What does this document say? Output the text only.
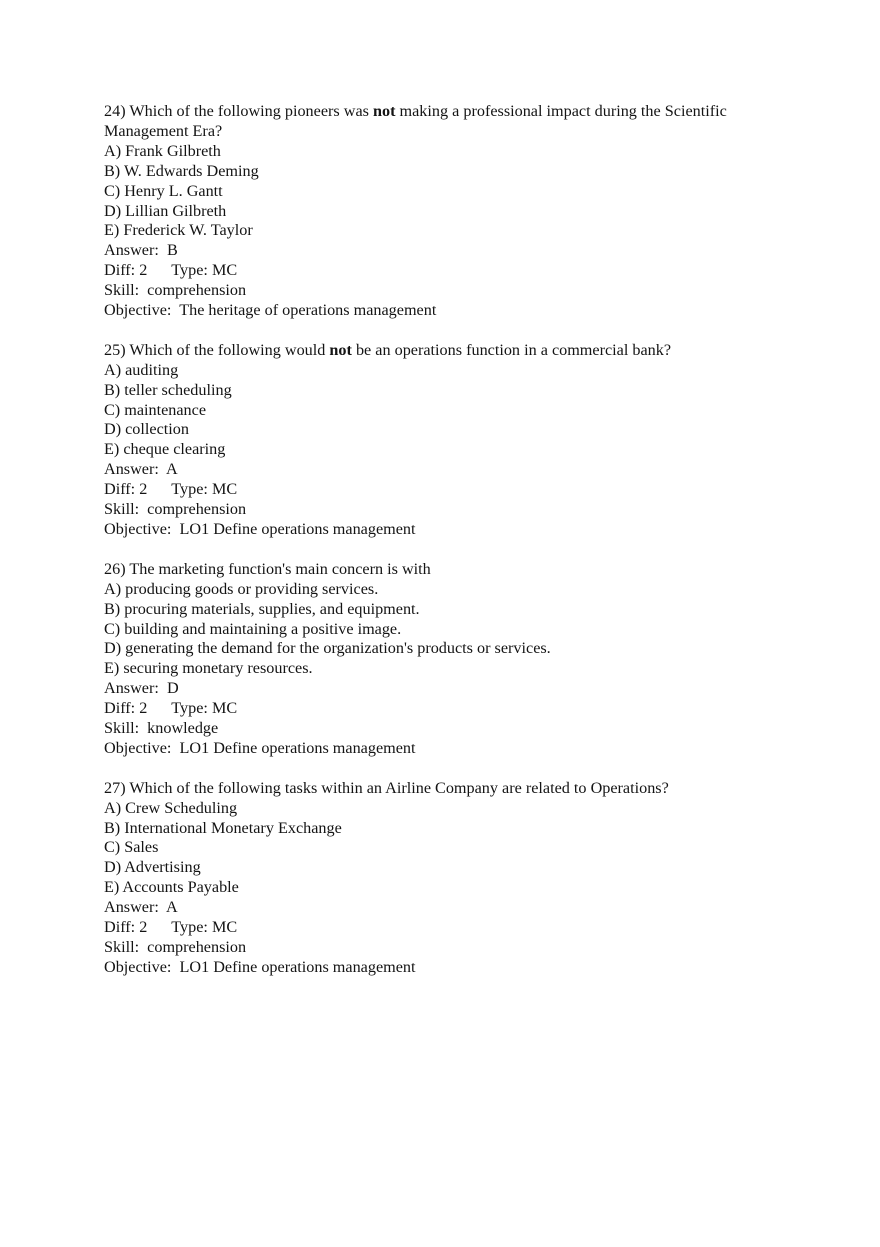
24) Which of the following pioneers was not making a professional impact during the Scientific Management Era?
A) Frank Gilbreth
B) W. Edwards Deming
C) Henry L. Gantt
D) Lillian Gilbreth
E) Frederick W. Taylor
Answer:  B
Diff: 2      Type: MC
Skill:  comprehension
Objective:  The heritage of operations management
25) Which of the following would not be an operations function in a commercial bank?
A) auditing
B) teller scheduling
C) maintenance
D) collection
E) cheque clearing
Answer:  A
Diff: 2      Type: MC
Skill:  comprehension
Objective:  LO1 Define operations management
26) The marketing function's main concern is with
A) producing goods or providing services.
B) procuring materials, supplies, and equipment.
C) building and maintaining a positive image.
D) generating the demand for the organization's products or services.
E) securing monetary resources.
Answer:  D
Diff: 2      Type: MC
Skill:  knowledge
Objective:  LO1 Define operations management
27) Which of the following tasks within an Airline Company are related to Operations?
A) Crew Scheduling
B) International Monetary Exchange
C) Sales
D) Advertising
E) Accounts Payable
Answer:  A
Diff: 2      Type: MC
Skill:  comprehension
Objective:  LO1 Define operations management
